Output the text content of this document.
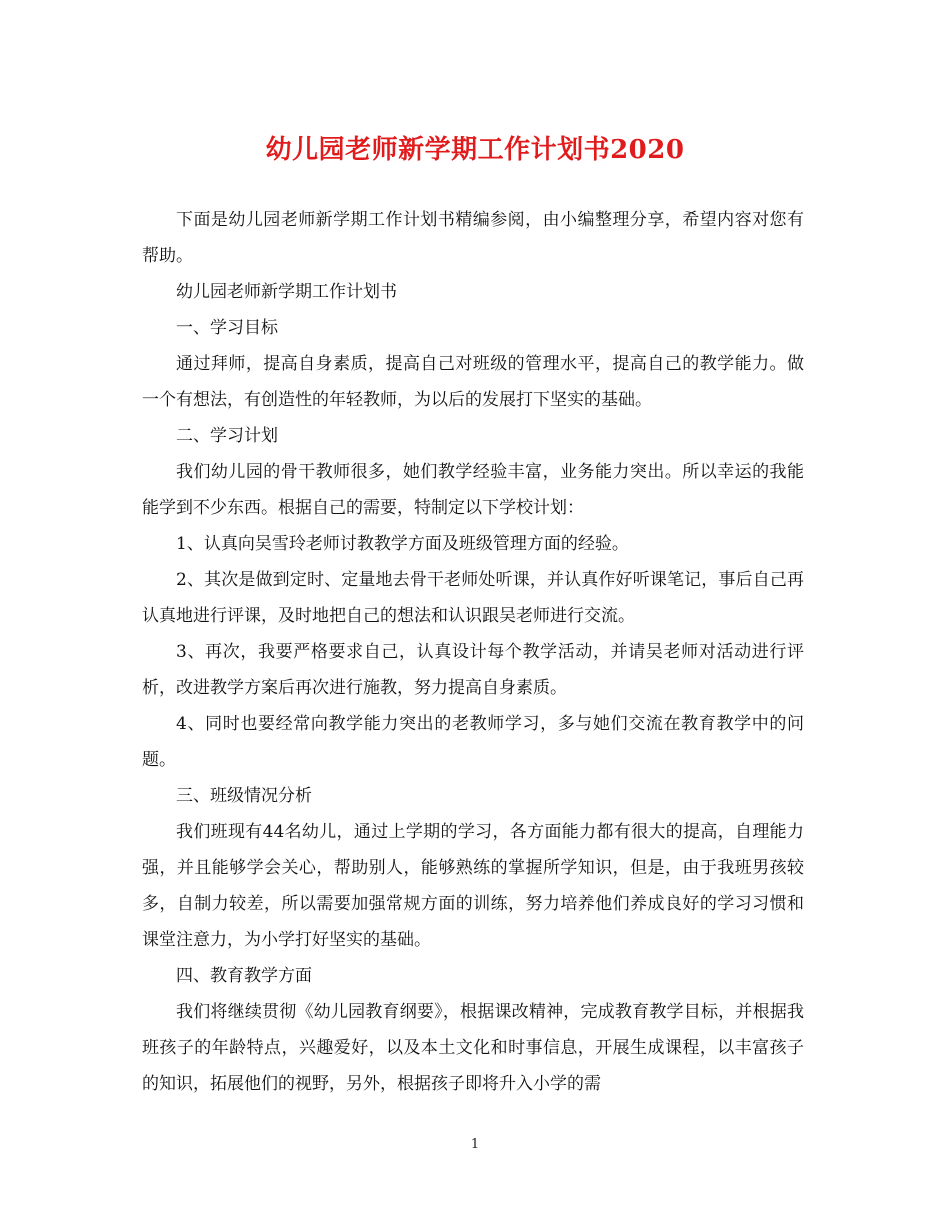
幼儿园老师新学期工作计划书2020

下面是幼儿园老师新学期工作计划书精编参阅，由小编整理分享，希望内容对您有帮助。

幼儿园老师新学期工作计划书

一、学习目标

通过拜师，提高自身素质，提高自己对班级的管理水平，提高自己的教学能力。做一个有想法，有创造性的年轻教师，为以后的发展打下坚实的基础。

二、学习计划

我们幼儿园的骨干教师很多，她们教学经验丰富，业务能力突出。所以幸运的我能能学到不少东西。根据自己的需要，特制定以下学校计划：

1、认真向吴雪玲老师讨教教学方面及班级管理方面的经验。

2、其次是做到定时、定量地去骨干老师处听课，并认真作好听课笔记，事后自己再认真地进行评课，及时地把自己的想法和认识跟吴老师进行交流。

3、再次，我要严格要求自己，认真设计每个教学活动，并请吴老师对活动进行评析，改进教学方案后再次进行施教，努力提高自身素质。

4、同时也要经常向教学能力突出的老教师学习，多与她们交流在教育教学中的问题。

三、班级情况分析

我们班现有44名幼儿，通过上学期的学习，各方面能力都有很大的提高，自理能力强，并且能够学会关心，帮助别人，能够熟练的掌握所学知识，但是，由于我班男孩较多，自制力较差，所以需要加强常规方面的训练，努力培养他们养成良好的学习习惯和课堂注意力，为小学打好坚实的基础。

四、教育教学方面

我们将继续贯彻《幼儿园教育纲要》，根据课改精神，完成教育教学目标，并根据我班孩子的年龄特点，兴趣爱好，以及本土文化和时事信息，开展生成课程，以丰富孩子的知识，拓展他们的视野，另外，根据孩子即将升入小学的需

1
